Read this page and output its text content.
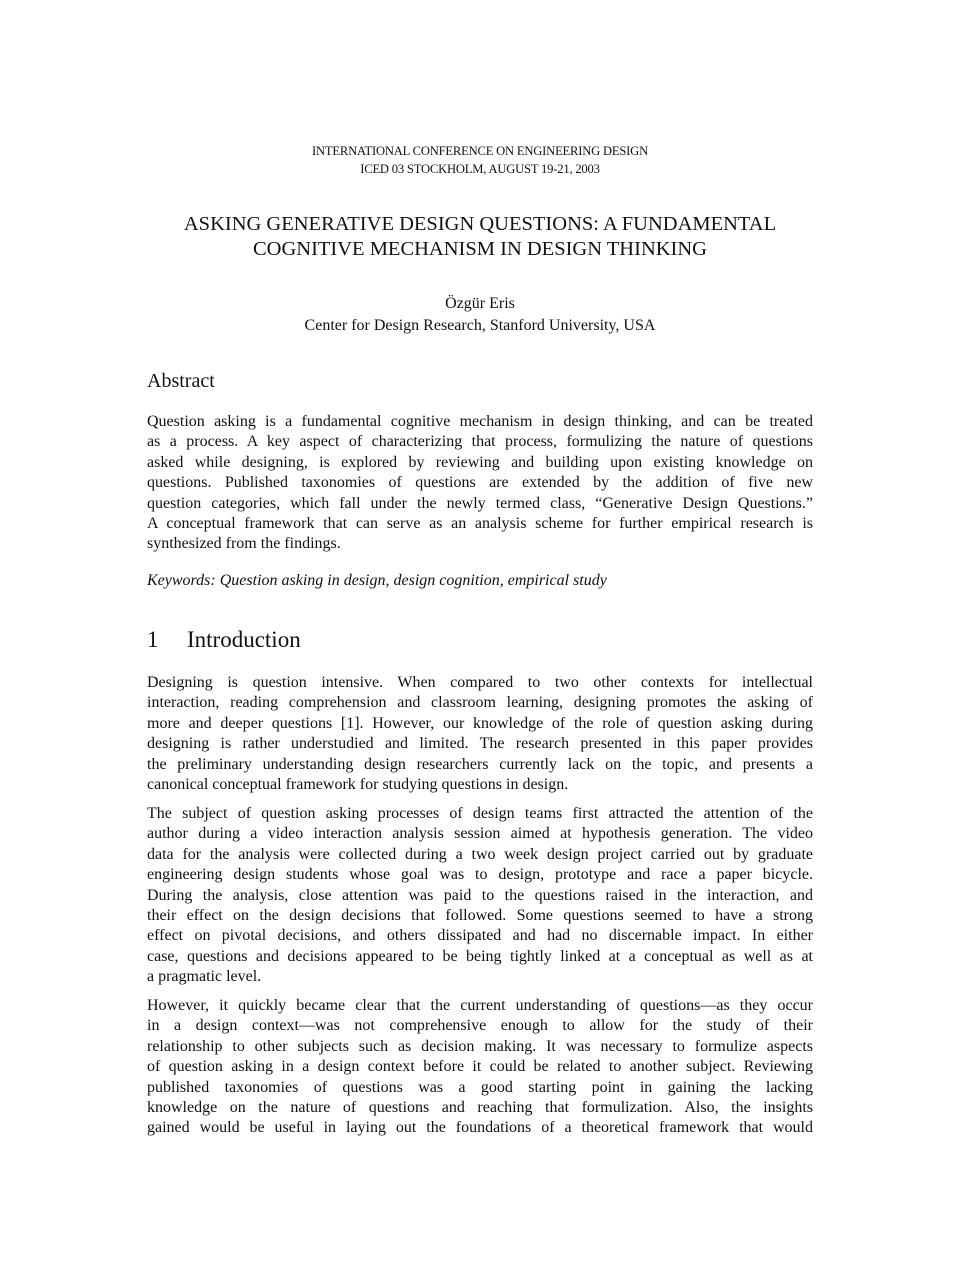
INTERNATIONAL CONFERENCE ON ENGINEERING DESIGN
ICED 03 STOCKHOLM, AUGUST 19-21, 2003
ASKING GENERATIVE DESIGN QUESTIONS: A FUNDAMENTAL
COGNITIVE MECHANISM IN DESIGN THINKING
Özgür Eris
Center for Design Research, Stanford University, USA
Abstract
Question asking is a fundamental cognitive mechanism in design thinking, and can be treated
as a process. A key aspect of characterizing that process, formulizing the nature of questions
asked while designing, is explored by reviewing and building upon existing knowledge on
questions. Published taxonomies of questions are extended by the addition of five new
question categories, which fall under the newly termed class, “Generative Design Questions.”
A conceptual framework that can serve as an analysis scheme for further empirical research is
synthesized from the findings.
Keywords: Question asking in design, design cognition, empirical study
1 Introduction
Designing is question intensive. When compared to two other contexts for intellectual
interaction, reading comprehension and classroom learning, designing promotes the asking of
more and deeper questions [1]. However, our knowledge of the role of question asking during
designing is rather understudied and limited. The research presented in this paper provides
the preliminary understanding design researchers currently lack on the topic, and presents a
canonical conceptual framework for studying questions in design.
The subject of question asking processes of design teams first attracted the attention of the
author during a video interaction analysis session aimed at hypothesis generation. The video
data for the analysis were collected during a two week design project carried out by graduate
engineering design students whose goal was to design, prototype and race a paper bicycle.
During the analysis, close attention was paid to the questions raised in the interaction, and
their effect on the design decisions that followed. Some questions seemed to have a strong
effect on pivotal decisions, and others dissipated and had no discernable impact. In either
case, questions and decisions appeared to be being tightly linked at a conceptual as well as at
a pragmatic level.
However, it quickly became clear that the current understanding of questions—as they occur
in a design context—was not comprehensive enough to allow for the study of their
relationship to other subjects such as decision making. It was necessary to formulize aspects
of question asking in a design context before it could be related to another subject. Reviewing
published taxonomies of questions was a good starting point in gaining the lacking
knowledge on the nature of questions and reaching that formulization. Also, the insights
gained would be useful in laying out the foundations of a theoretical framework that would
